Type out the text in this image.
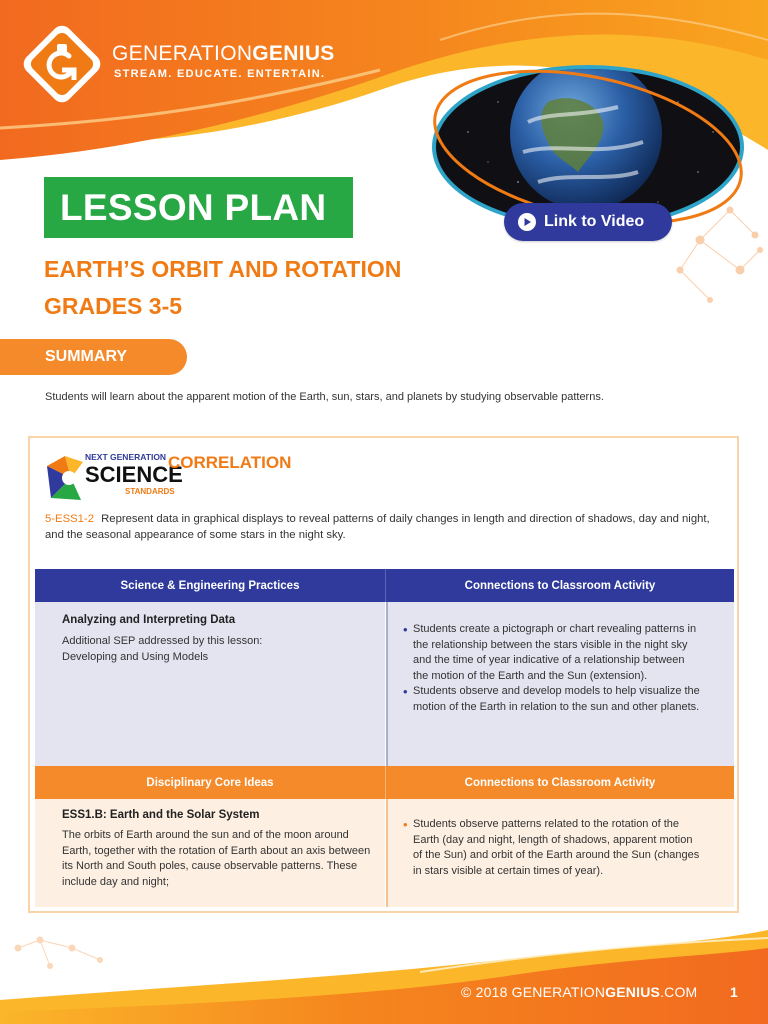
GENERATIONGENIUS
STREAM. EDUCATE. ENTERTAIN.
Link to Video
LESSON PLAN
EARTH’S ORBIT AND ROTATION
GRADES 3-5
SUMMARY
Students will learn about the apparent motion of the Earth, sun, stars, and planets by studying observable patterns.
NEXT GENERATION
SCIENCE
STANDARDS
CORRELATION
5-ESS1-2 Represent data in graphical displays to reveal patterns of daily changes in length and direction of shadows, day and night, and the seasonal appearance of some stars in the night sky.
Science & Engineering Practices	Connections to Classroom Activity
Analyzing and Interpreting Data
Additional SEP addressed by this lesson: Developing and Using Models
• Students create a pictograph or chart revealing patterns in the relationship between the stars visible in the night sky and the time of year indicative of a relationship between the motion of the Earth and the Sun (extension).
• Students observe and develop models to help visualize the motion of the Earth in relation to the sun and other planets.
Disciplinary Core Ideas	Connections to Classroom Activity
ESS1.B: Earth and the Solar System
The orbits of Earth around the sun and of the moon around Earth, together with the rotation of Earth about an axis between its North and South poles, cause observable patterns. These include day and night;
• Students observe patterns related to the rotation of the Earth (day and night, length of shadows, apparent motion of the Sun) and orbit of the Earth around the Sun (changes in stars visible at certain times of year).
© 2018 GENERATIONGENIUS.COM 1
